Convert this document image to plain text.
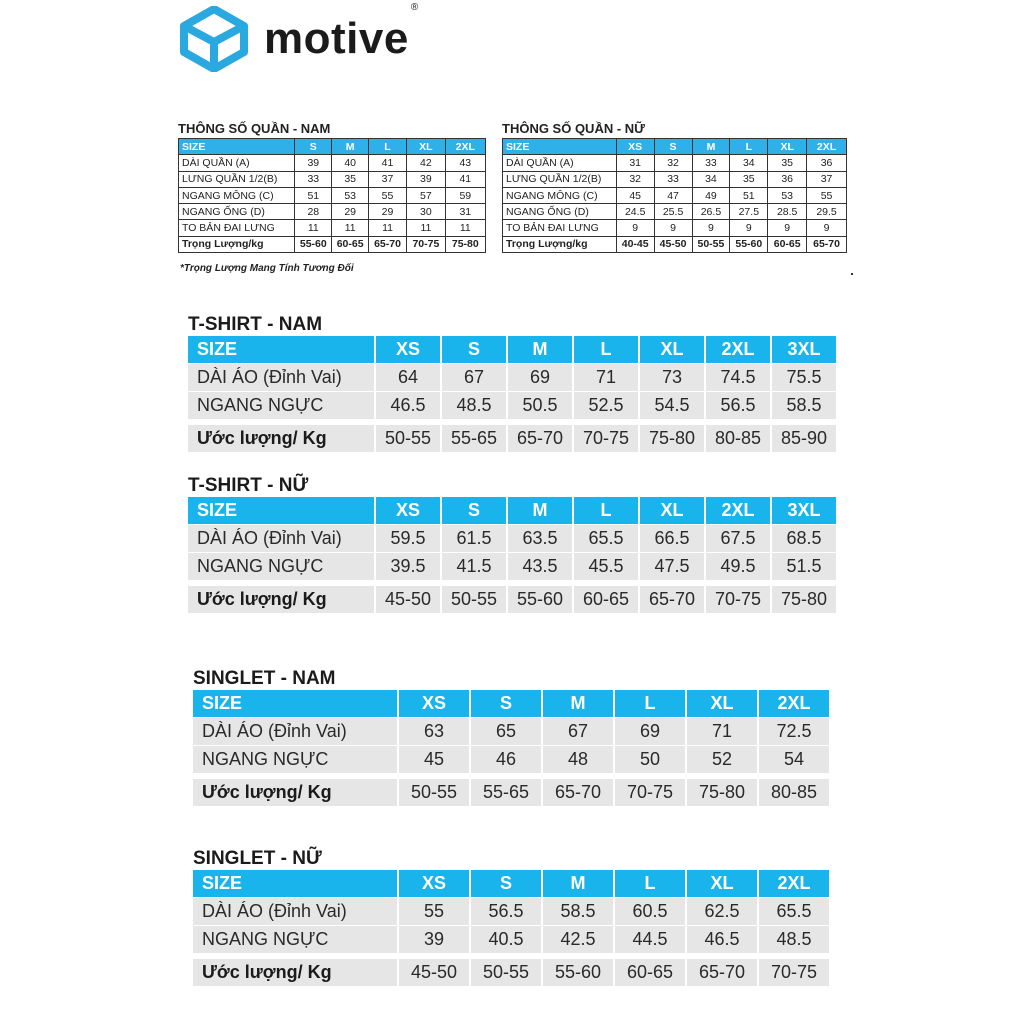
motive®
THÔNG SỐ QUẦN - NAM
SIZE	S	M	L	XL	2XL
DÀI QUẦN (A)	39	40	41	42	43
LƯNG QUẦN 1/2(B)	33	35	37	39	41
NGANG MÔNG (C)	51	53	55	57	59
NGANG ỐNG (D)	28	29	29	30	31
TO BẢN ĐAI LƯNG	11	11	11	11	11
Trọng Lượng/kg	55-60	60-65	65-70	70-75	75-80
THÔNG SỐ QUẦN - NỮ
SIZE	XS	S	M	L	XL	2XL
DÀI QUẦN (A)	31	32	33	34	35	36
LƯNG QUẦN 1/2(B)	32	33	34	35	36	37
NGANG MÔNG (C)	45	47	49	51	53	55
NGANG ỐNG (D)	24.5	25.5	26.5	27.5	28.5	29.5
TO BẢN ĐAI LƯNG	9	9	9	9	9	9
Trọng Lượng/kg	40-45	45-50	50-55	55-60	60-65	65-70
*Trọng Lượng Mang Tính Tương Đối
T-SHIRT - NAM
SIZE	XS	S	M	L	XL	2XL	3XL
DÀI ÁO (Đỉnh Vai)	64	67	69	71	73	74.5	75.5
NGANG NGỰC	46.5	48.5	50.5	52.5	54.5	56.5	58.5
Ước lượng/ Kg	50-55	55-65	65-70	70-75	75-80	80-85	85-90
T-SHIRT - NỮ
SIZE	XS	S	M	L	XL	2XL	3XL
DÀI ÁO (Đỉnh Vai)	59.5	61.5	63.5	65.5	66.5	67.5	68.5
NGANG NGỰC	39.5	41.5	43.5	45.5	47.5	49.5	51.5
Ước lượng/ Kg	45-50	50-55	55-60	60-65	65-70	70-75	75-80
SINGLET - NAM
SIZE	XS	S	M	L	XL	2XL
DÀI ÁO (Đỉnh Vai)	63	65	67	69	71	72.5
NGANG NGỰC	45	46	48	50	52	54
Ước lượng/ Kg	50-55	55-65	65-70	70-75	75-80	80-85
SINGLET - NỮ
SIZE	XS	S	M	L	XL	2XL
DÀI ÁO (Đỉnh Vai)	55	56.5	58.5	60.5	62.5	65.5
NGANG NGỰC	39	40.5	42.5	44.5	46.5	48.5
Ước lượng/ Kg	45-50	50-55	55-60	60-65	65-70	70-75
